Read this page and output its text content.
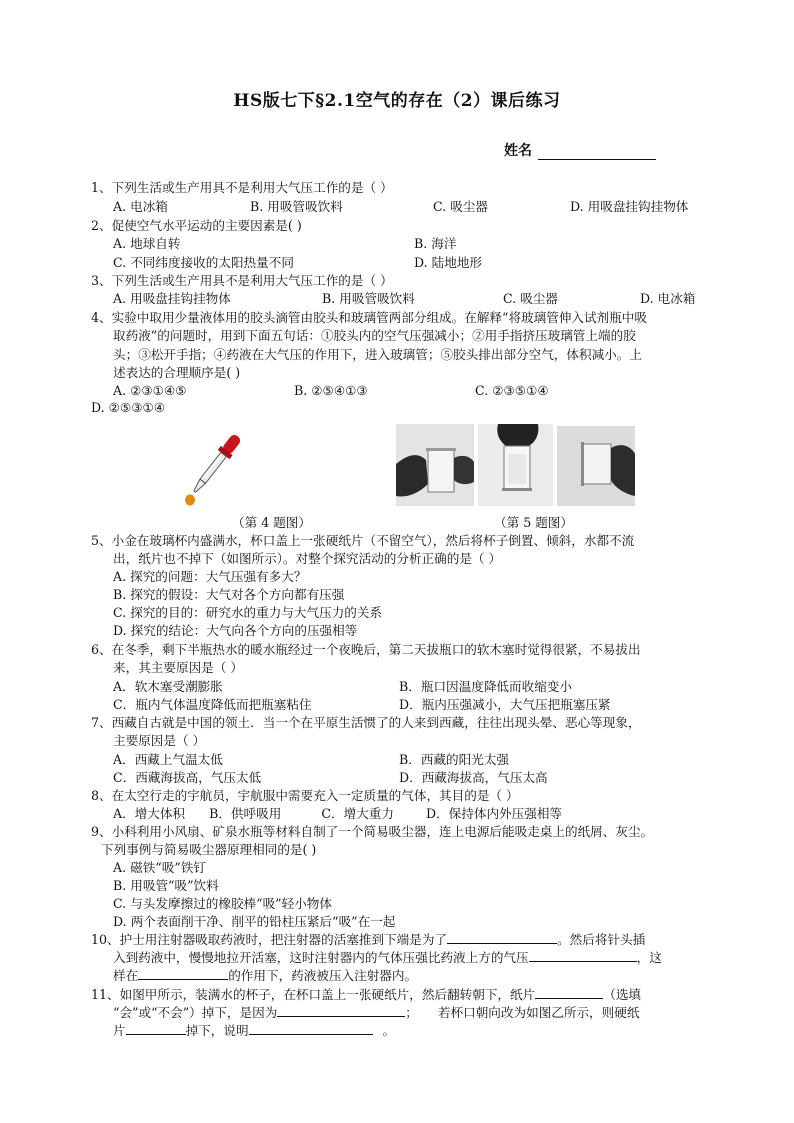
HS版七下§2.1空气的存在（2）课后练习
姓名
1、下列生活或生产用具不是利用大气压工作的是（ ）
A. 电冰箱	B. 用吸管吸饮料	C. 吸尘器	D. 用吸盘挂钩挂物体
2、促使空气水平运动的主要因素是( )
A. 地球自转	B. 海洋
C. 不同纬度接收的太阳热量不同	D. 陆地地形
3、下列生活或生产用具不是利用大气压工作的是（ ）
A. 用吸盘挂钩挂物体	B. 用吸管吸饮料	C. 吸尘器	D. 电冰箱
4、实验中取用少量液体用的胶头滴管由胶头和玻璃管两部分组成。在解释“将玻璃管伸入试剂瓶中吸
取药液”的问题时，用到下面五句话：①胶头内的空气压强减小；②用手指挤压玻璃管上端的胶
头；③松开手指；④药液在大气压的作用下，进入玻璃管；⑤胶头排出部分空气，体积减小。上
述表达的合理顺序是( )
A. ②③①④⑤	B. ②⑤④①③	C. ②③⑤①④
D. ②⑤③①④
（第 4 题图）	（第 5 题图）
5、小金在玻璃杯内盛满水，杯口盖上一张硬纸片（不留空气），然后将杯子倒置、倾斜，水都不流
出，纸片也不掉下（如图所示）。对整个探究活动的分析正确的是（ ）
A. 探究的问题：大气压强有多大？
B. 探究的假设：大气对各个方向都有压强
C. 探究的目的：研究水的重力与大气压力的关系
D. 探究的结论：大气向各个方向的压强相等
6、在冬季，剩下半瓶热水的暖水瓶经过一个夜晚后，第二天拔瓶口的软木塞时觉得很紧，不易拔出
来，其主要原因是（ ）
A．软木塞受潮膨胀	B．瓶口因温度降低而收缩变小
C．瓶内气体温度降低而把瓶塞粘住	D．瓶内压强减小，大气压把瓶塞压紧
7、西藏自古就是中国的领土．当一个在平原生活惯了的人来到西藏，往往出现头晕、恶心等现象，
主要原因是（ ）
A．西藏上气温太低	B．西藏的阳光太强
C．西藏海拔高，气压太低	D．西藏海拔高，气压太高
8、在太空行走的宇航员，宇航服中需要充入一定质量的气体，其目的是（ ）
A．增大体积      B．供呼吸用          C．增大重力        D．保持体内外压强相等
9、小科利用小风扇、矿泉水瓶等材料自制了一个简易吸尘器，连上电源后能吸走桌上的纸屑、灰尘。
下列事例与简易吸尘器原理相同的是( )
A. 磁铁“吸”铁钉
B. 用吸管“吸”饮料
C. 与头发摩擦过的橡胶棒“吸”轻小物体
D. 两个表面削干净、削平的铅柱压紧后“吸”在一起
10、护士用注射器吸取药液时，把注射器的活塞推到下端是为了	。然后将针头插
入到药液中，慢慢地拉开活塞，这时注射器内的气体压强比药液上方的气压	，这
样在	的作用下，药液被压入注射器内。
11、如图甲所示，装满水的杯子，在杯口盖上一张硬纸片，然后翻转朝下，纸片	（选填
“会”或“不会”）掉下，是因为	；     若杯口朝向改为如图乙所示，则硬纸
片	掉下，说明	。
